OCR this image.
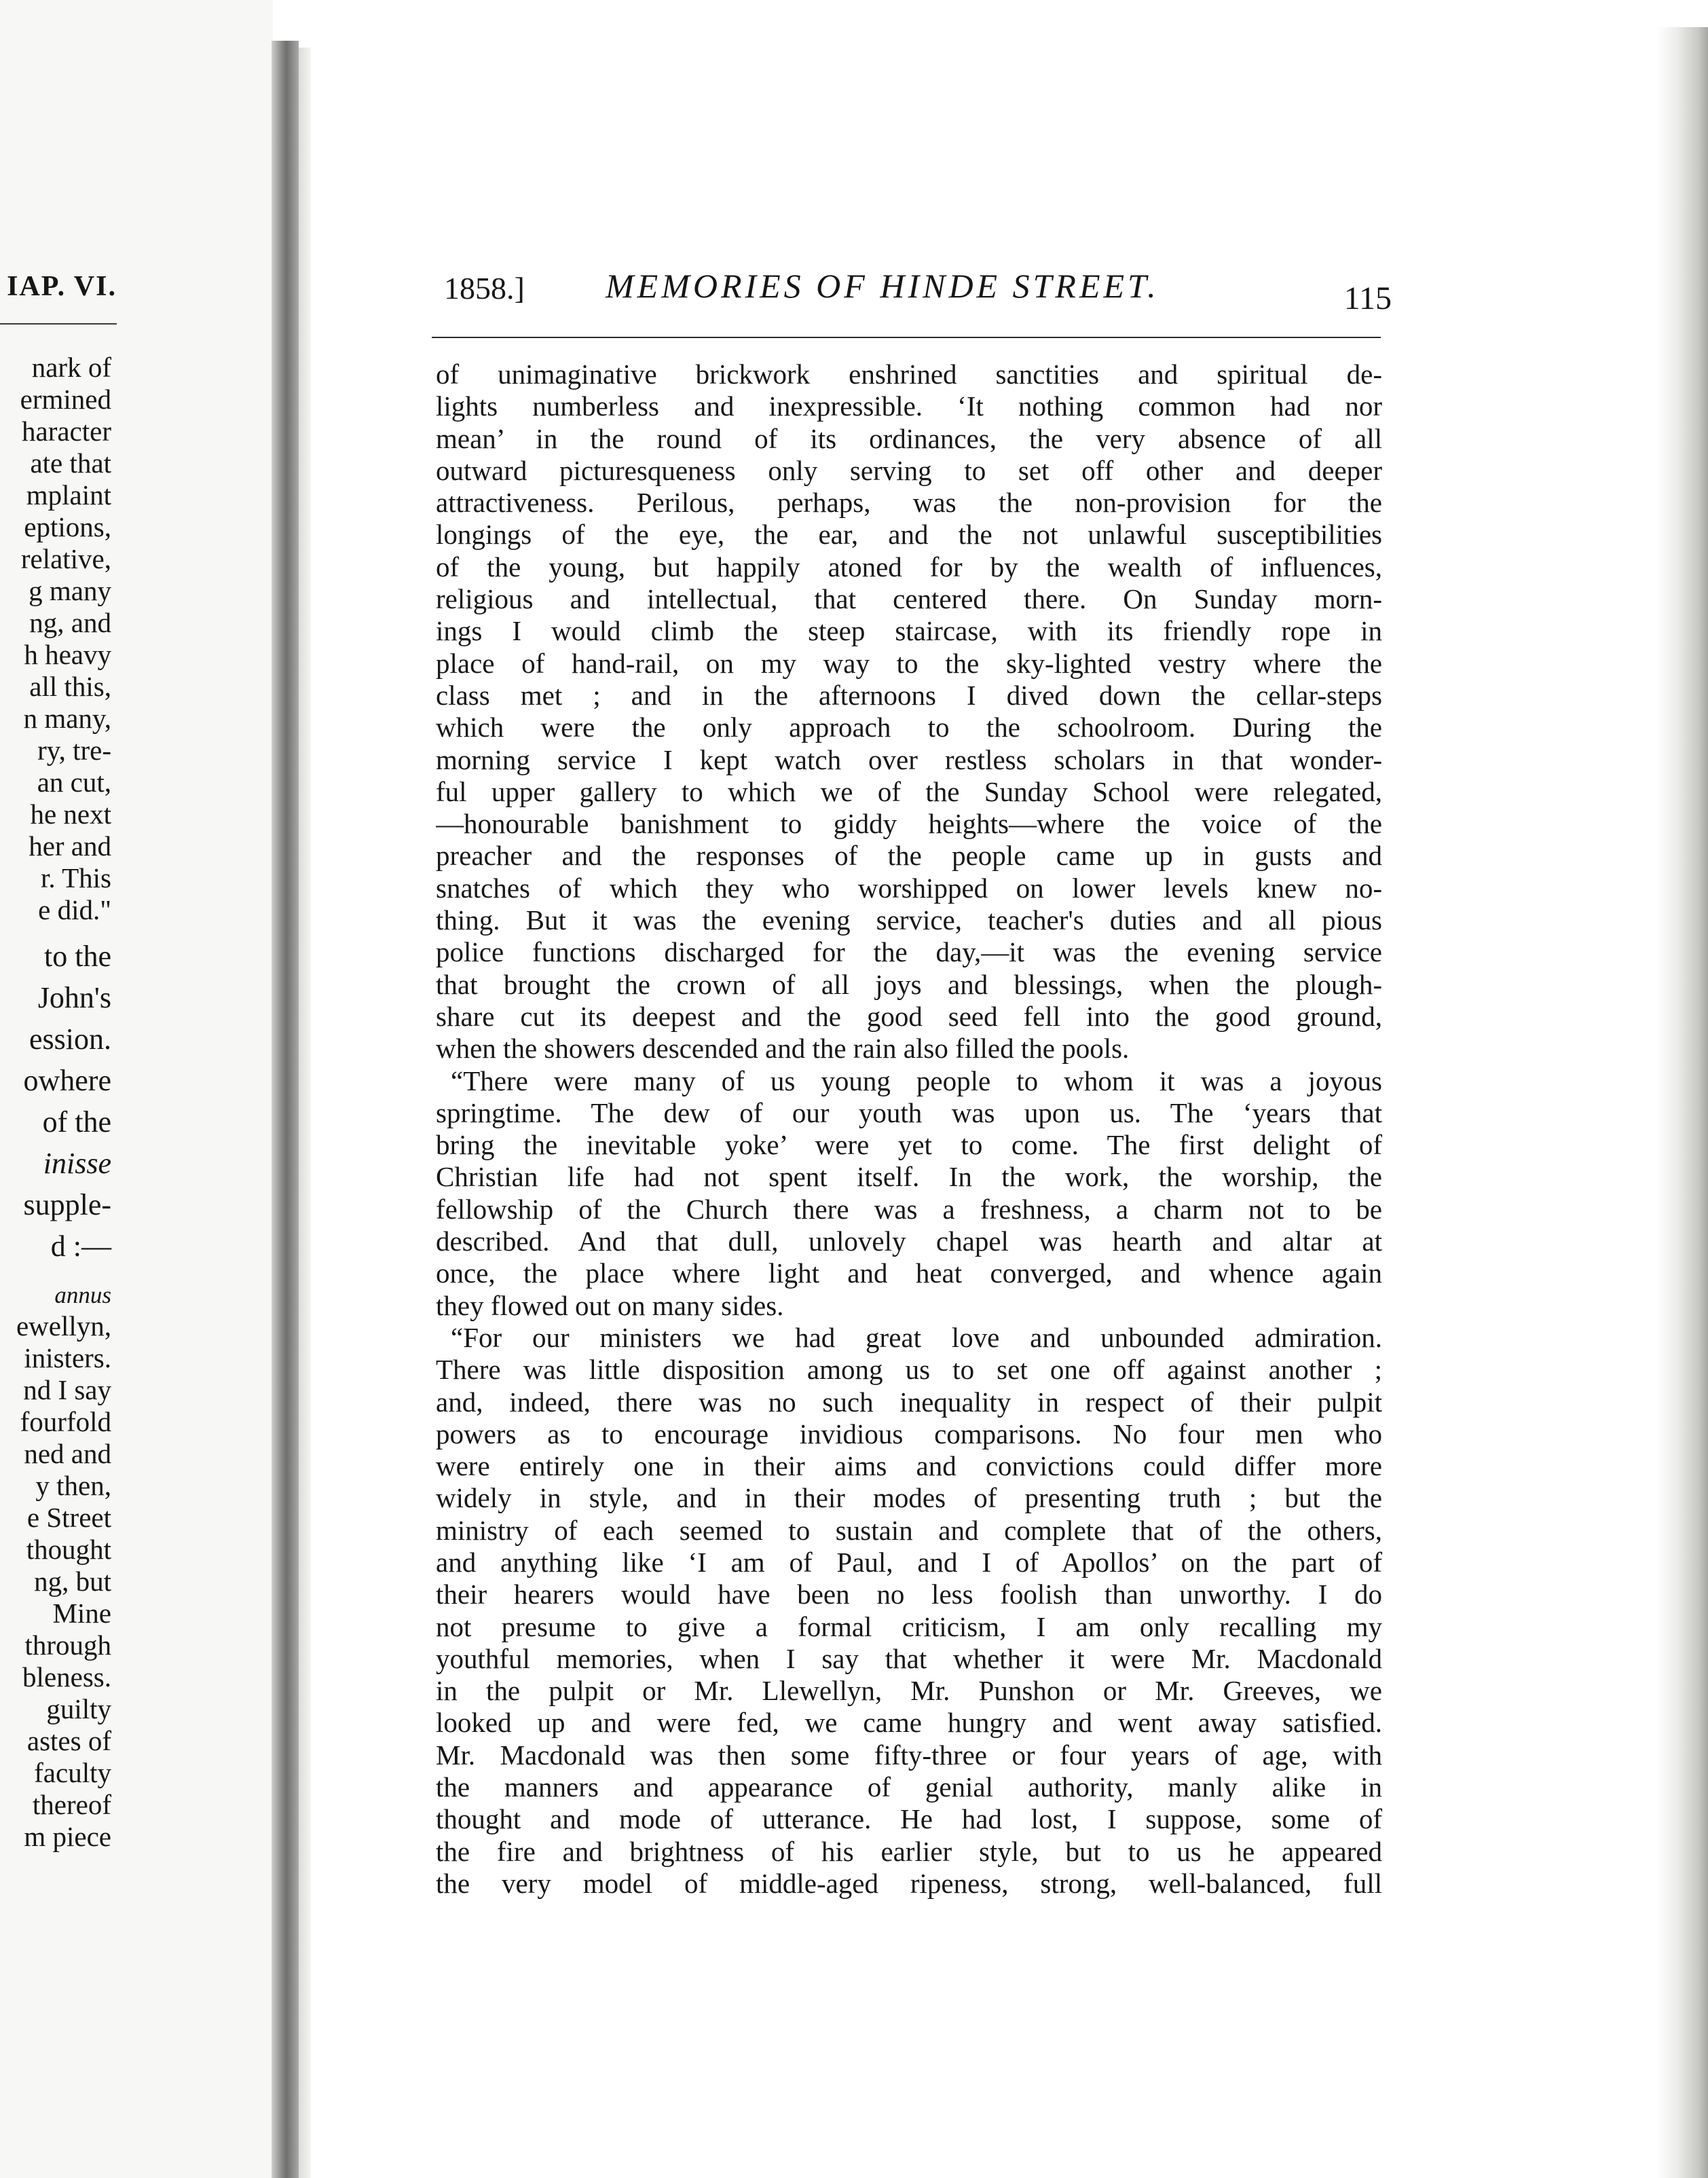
IAP. VI.
nark of
ermined
haracter
ate that
mplaint
eptions,
relative,
g many
ng, and
h heavy
all this,
n many,
ry, tre-
an cut,
he next
her and
r. This
e did."
to the
John's
ession.
owhere
of the
inisse
supple-
d :—
annus
ewellyn,
inisters.
nd I say
fourfold
ned and
y then,
e Street
thought
ng, but
Mine
through
bleness.
guilty
astes of
faculty
thereof
m piece
1858.] MEMORIES OF HINDE STREET.	115
of unimaginative brickwork enshrined sanctities and spiritual de-
lights numberless and inexpressible. ‘It nothing common had nor
mean’ in the round of its ordinances, the very absence of all
outward picturesqueness only serving to set off other and deeper
attractiveness. Perilous, perhaps, was the non-provision for the
longings of the eye, the ear, and the not unlawful susceptibilities
of the young, but happily atoned for by the wealth of influences,
religious and intellectual, that centered there. On Sunday morn-
ings I would climb the steep staircase, with its friendly rope in
place of hand-rail, on my way to the sky-lighted vestry where the
class met ; and in the afternoons I dived down the cellar-steps
which were the only approach to the schoolroom. During the
morning service I kept watch over restless scholars in that wonder-
ful upper gallery to which we of the Sunday School were relegated,
—honourable banishment to giddy heights—where the voice of the
preacher and the responses of the people came up in gusts and
snatches of which they who worshipped on lower levels knew no-
thing. But it was the evening service, teacher's duties and all pious
police functions discharged for the day,—it was the evening service
that brought the crown of all joys and blessings, when the plough-
share cut its deepest and the good seed fell into the good ground,
when the showers descended and the rain also filled the pools.
“There were many of us young people to whom it was a joyous
springtime. The dew of our youth was upon us. The ‘years that
bring the inevitable yoke’ were yet to come. The first delight of
Christian life had not spent itself. In the work, the worship, the
fellowship of the Church there was a freshness, a charm not to be
described. And that dull, unlovely chapel was hearth and altar at
once, the place where light and heat converged, and whence again
they flowed out on many sides.
“For our ministers we had great love and unbounded admiration.
There was little disposition among us to set one off against another ;
and, indeed, there was no such inequality in respect of their pulpit
powers as to encourage invidious comparisons. No four men who
were entirely one in their aims and convictions could differ more
widely in style, and in their modes of presenting truth ; but the
ministry of each seemed to sustain and complete that of the others,
and anything like ‘I am of Paul, and I of Apollos’ on the part of
their hearers would have been no less foolish than unworthy. I do
not presume to give a formal criticism, I am only recalling my
youthful memories, when I say that whether it were Mr. Macdonald
in the pulpit or Mr. Llewellyn, Mr. Punshon or Mr. Greeves, we
looked up and were fed, we came hungry and went away satisfied.
Mr. Macdonald was then some fifty-three or four years of age, with
the manners and appearance of genial authority, manly alike in
thought and mode of utterance. He had lost, I suppose, some of
the fire and brightness of his earlier style, but to us he appeared
the very model of middle-aged ripeness, strong, well-balanced, full
